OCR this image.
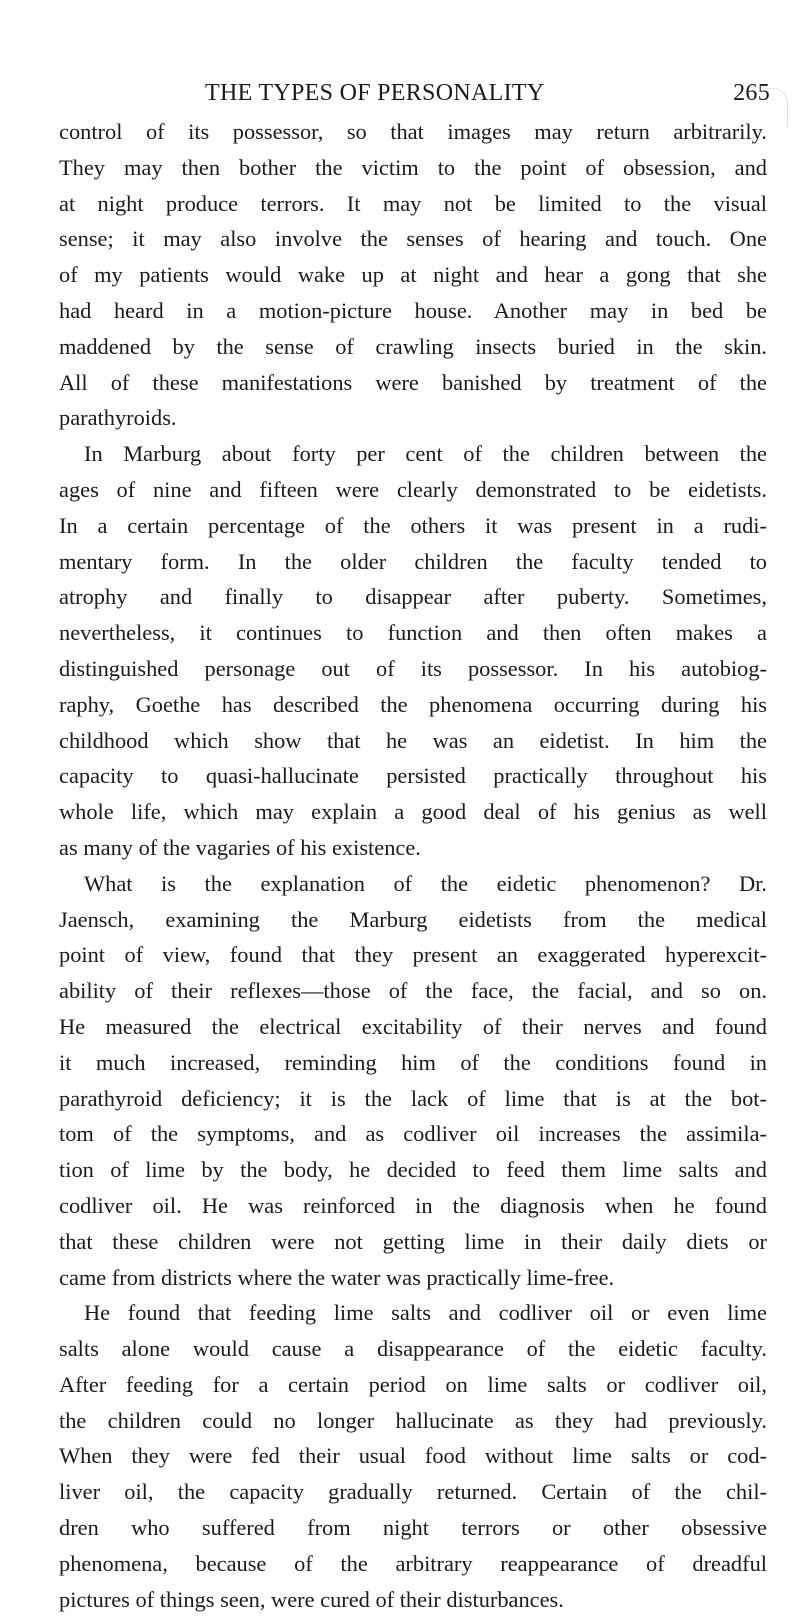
THE TYPES OF PERSONALITY	265
control of its possessor, so that images may return arbitrarily.
They may then bother the victim to the point of obsession, and
at night produce terrors. It may not be limited to the visual
sense; it may also involve the senses of hearing and touch. One
of my patients would wake up at night and hear a gong that she
had heard in a motion-picture house. Another may in bed be
maddened by the sense of crawling insects buried in the skin.
All of these manifestations were banished by treatment of the
parathyroids.
In Marburg about forty per cent of the children between the
ages of nine and fifteen were clearly demonstrated to be eidetists.
In a certain percentage of the others it was present in a rudi-
mentary form. In the older children the faculty tended to
atrophy and finally to disappear after puberty. Sometimes,
nevertheless, it continues to function and then often makes a
distinguished personage out of its possessor. In his autobiog-
raphy, Goethe has described the phenomena occurring during his
childhood which show that he was an eidetist. In him the
capacity to quasi-hallucinate persisted practically throughout his
whole life, which may explain a good deal of his genius as well
as many of the vagaries of his existence.
What is the explanation of the eidetic phenomenon? Dr.
Jaensch, examining the Marburg eidetists from the medical
point of view, found that they present an exaggerated hyperexcit-
ability of their reflexes—those of the face, the facial, and so on.
He measured the electrical excitability of their nerves and found
it much increased, reminding him of the conditions found in
parathyroid deficiency; it is the lack of lime that is at the bot-
tom of the symptoms, and as codliver oil increases the assimila-
tion of lime by the body, he decided to feed them lime salts and
codliver oil. He was reinforced in the diagnosis when he found
that these children were not getting lime in their daily diets or
came from districts where the water was practically lime-free.
He found that feeding lime salts and codliver oil or even lime
salts alone would cause a disappearance of the eidetic faculty.
After feeding for a certain period on lime salts or codliver oil,
the children could no longer hallucinate as they had previously.
When they were fed their usual food without lime salts or cod-
liver oil, the capacity gradually returned. Certain of the chil-
dren who suffered from night terrors or other obsessive
phenomena, because of the arbitrary reappearance of dreadful
pictures of things seen, were cured of their disturbances.
